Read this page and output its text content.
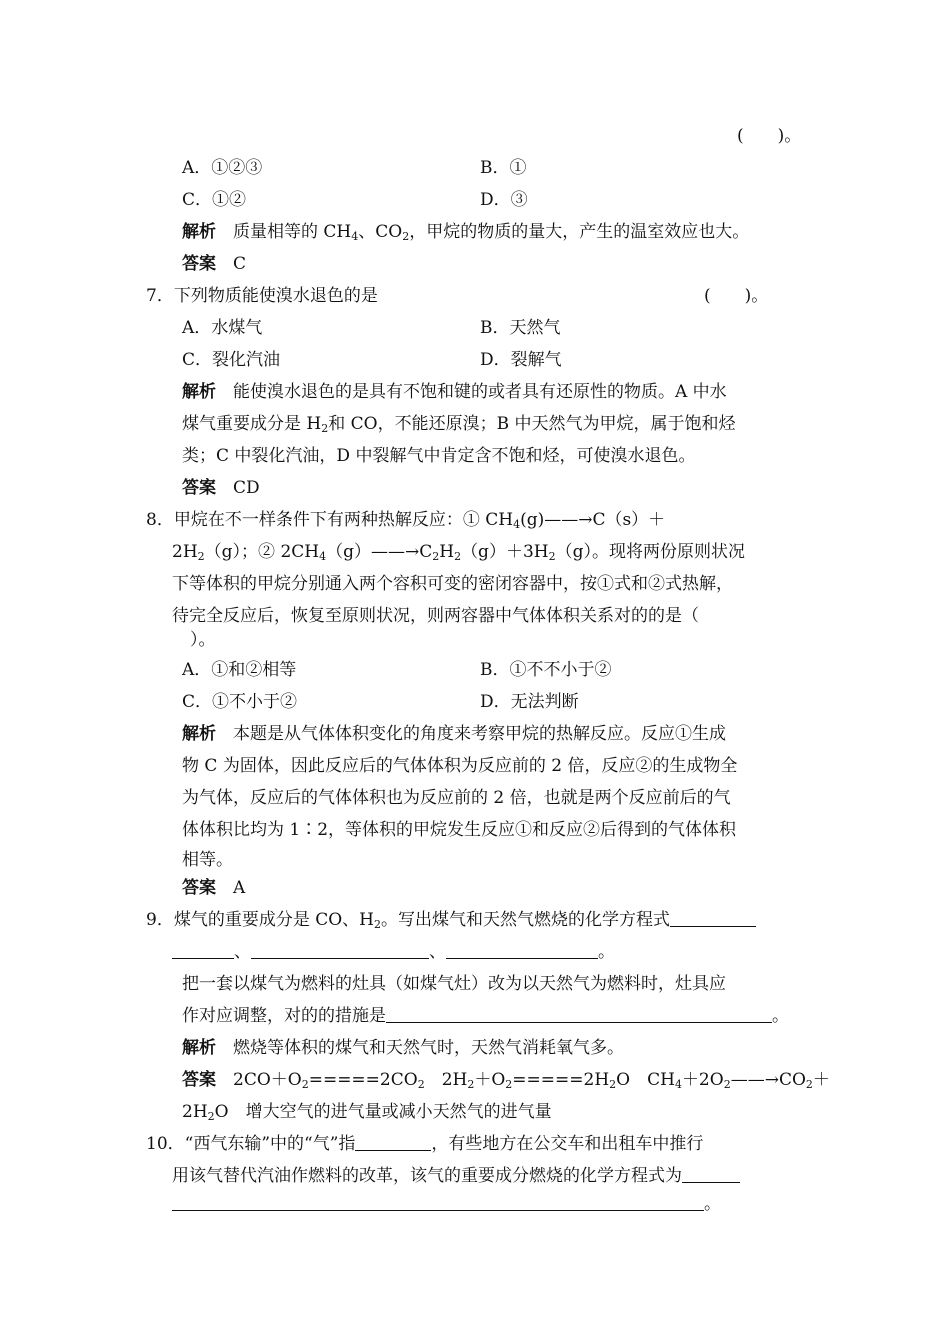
(　　)。
A．①②③	B．①
C．①②	D．③
解析　 质量相等的 $CH_4$、$CO_2$，甲烷的物质的量大，产生的温室效应也大。
答案　 C
7．下列物质能使溴水退色的是	(　　)。
A．水煤气	B．天然气
C．裂化汽油	D．裂解气
解析　 能使溴水退色的是具有不饱和键的或者具有还原性的物质。A 中水
煤气重要成分是 $H_2$和 CO，不能还原溴；B 中天然气为甲烷，属于饱和烃
类；C 中裂化汽油，D 中裂解气中肯定含不饱和烃，可使溴水退色。
答案　 CD
8．甲烷在不一样条件下有两种热解反应：① $CH_4(g)——\to C(s)+$
$2H_2(g)$；② $2CH_4(g)——\to C_2H_2(g)+3H_2(g)$。现将两份原则状况
下等体积的甲烷分别通入两个容积可变的密闭容器中，按①式和②式热解，
待完全反应后，恢复至原则状况，则两容器中气体体积关系对的的是（
）。
A．①和②相等	B．①不不小于②
C．①不小于②	D．无法判断
解析　 本题是从气体体积变化的角度来考察甲烷的热解反应。反应①生成
物 C 为固体，因此反应后的气体体积为反应前的 2 倍，反应②的生成物全
为气体，反应后的气体体积也为反应前的 2 倍，也就是两个反应前后的气
体体积比均为 1∶2，等体积的甲烷发生反应①和反应②后得到的气体体积
相等。
答案　 A
9．煤气的重要成分是 CO、$H_2$。写出煤气和天然气燃烧的化学方程式
、	、	。
把一套以煤气为燃料的灶具（如煤气灶）改为以天然气为燃料时，灶具应
作对应调整，对的的措施是	。
解析　 燃烧等体积的煤气和天然气时，天然气消耗氧气多。
答案　 $2CO+O_2=====2CO_2$　 $2H_2+O_2=====2H_2O$　 $CH_4+2O_2——\to CO_2+$
$2H_2O$　 增大空气的进气量或减小天然气的进气量
10．“西气东输”中的“气”指	，有些地方在公交车和出租车中推行
用该气替代汽油作燃料的改革，该气的重要成分燃烧的化学方程式为
。
